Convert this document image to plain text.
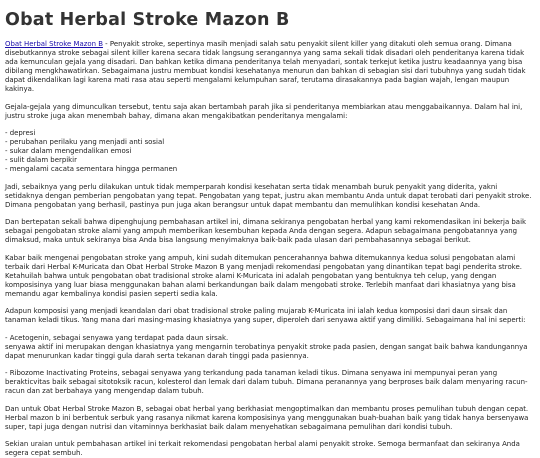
Obat Herbal Stroke Mazon B

Obat Herbal Stroke Mazon B - Penyakit stroke, sepertinya masih menjadi salah satu penyakit silent killer yang ditakuti oleh semua orang. Dimana disebutkannya stroke sebagai silent killer karena secara tidak langsung serangannya yang sama sekali tidak disadari oleh penderitanya karena tidak ada kemunculan gejala yang disadari. Dan bahkan ketika dimana penderitanya telah menyadari, sontak terkejut ketika justru keadaannya yang bisa dibilang mengkhawatirkan. Sebagaimana justru membuat kondisi kesehatanya menurun dan bahkan di sebagian sisi dari tubuhnya yang sudah tidak dapat dikendalikan lagi karena mati rasa atau seperti mengalami kelumpuhan saraf, terutama dirasakannya pada bagian wajah, lengan maupun kakinya.

Gejala-gejala yang dimunculkan tersebut, tentu saja akan bertambah parah jika si penderitanya membiarkan atau menggabaikannya. Dalam hal ini, justru stroke juga akan menembah bahay, dimana akan mengakibatkan penderitanya mengalami:

- depresi
- perubahan perilaku yang menjadi anti sosial
- sukar dalam mengendalikan emosi
- sulit dalam berpikir
- mengalami cacata sementara hingga permanen

Jadi, sebaiknya yang perlu dilakukan untuk tidak memperparah kondisi kesehatan serta tidak menambah buruk penyakit yang diderita, yakni setidaknya dengan pemberian pengobatan yang tepat. Pengobatan yang tepat, justru akan membantu Anda untuk dapat terobati dari penyakit stroke. Dimana pengobatan yang berhasil, pastinya pun juga akan berangsur untuk dapat membantu dan memulihkan kondisi kesehatan Anda.

Dan bertepatan sekali bahwa dipenghujung pembahasan artikel ini, dimana sekiranya pengobatan herbal yang kami rekomendasikan ini bekerja baik sebagai pengobatan stroke alami yang ampuh memberikan kesembuhan kepada Anda dengan segera. Adapun sebagaimana pengobatannya yang dimaksud, maka untuk sekiranya bisa Anda bisa langsung menyimaknya baik-baik pada ulasan dari pembahasannya sebagai berikut.

Kabar baik mengenai pengobatan stroke yang ampuh, kini sudah ditemukan pencerahannya bahwa ditemukannya kedua solusi pengobatan alami terbaik dari Herbal K-Muricata dan Obat Herbal Stroke Mazon B yang menjadi rekomendasi pengobatan yang dinantikan tepat bagi penderita stroke. Ketahuilah bahwa untuk pengobatan obat tradisional stroke alami K-Muricata ini adalah pengobatan yang bentuknya teh celup, yang dengan komposisinya yang luar biasa menggunakan bahan alami berkandungan baik dalam mengobati stroke. Terlebih manfaat dari khasiatnya yang bisa memandu agar kembalinya kondisi pasien seperti sedia kala.

Adapun komposisi yang menjadi keandalan dari obat tradisional stroke paling mujarab K-Muricata ini ialah kedua komposisi dari daun sirsak dan tanaman keladi tikus. Yang mana dari masing-masing khasiatnya yang super, diperoleh dari senyawa aktif yang dimiliki. Sebagaimana hal ini seperti:

- Acetogenin, sebagai senyawa yang terdapat pada daun sirsak.
senyawa aktif ini merupakan dengan khasiatnya yang mengarnin terobatinya penyakit stroke pada pasien, dengan sangat baik bahwa kandungannya dapat menurunkan kadar tinggi gula darah serta tekanan darah tinggi pada pasiennya.

- Ribozome Inactivating Proteins, sebagai senyawa yang terkandung pada tanaman keladi tikus. Dimana senyawa ini mempunyai peran yang berakticvitas baik sebagai sitotoksik racun, kolesterol dan lemak dari dalam tubuh. Dimana peranannya yang berproses baik dalam menyaring racun-racun dan zat berbahaya yang mengendap dalam tubuh.

Dan untuk Obat Herbal Stroke Mazon B, sebagai obat herbal yang berkhasiat mengoptimalkan dan membantu proses pemulihan tubuh dengan cepat. Herbal mazon b ini berbentuk serbuk yang rasanya nikmat karena komposisinya yang menggunakan buah-buahan baik yang tidak hanya bersenyawa super, tapi juga dengan nutrisi dan vitaminnya berkhasiat baik dalam menyehatkan sebagaimana pemulihan dari kondisi tubuh.

Sekian uraian untuk pembahasan artikel ini terkait rekomendasi pengobatan herbal alami penyakit stroke. Semoga bermanfaat dan sekiranya Anda segera cepat sembuh.
